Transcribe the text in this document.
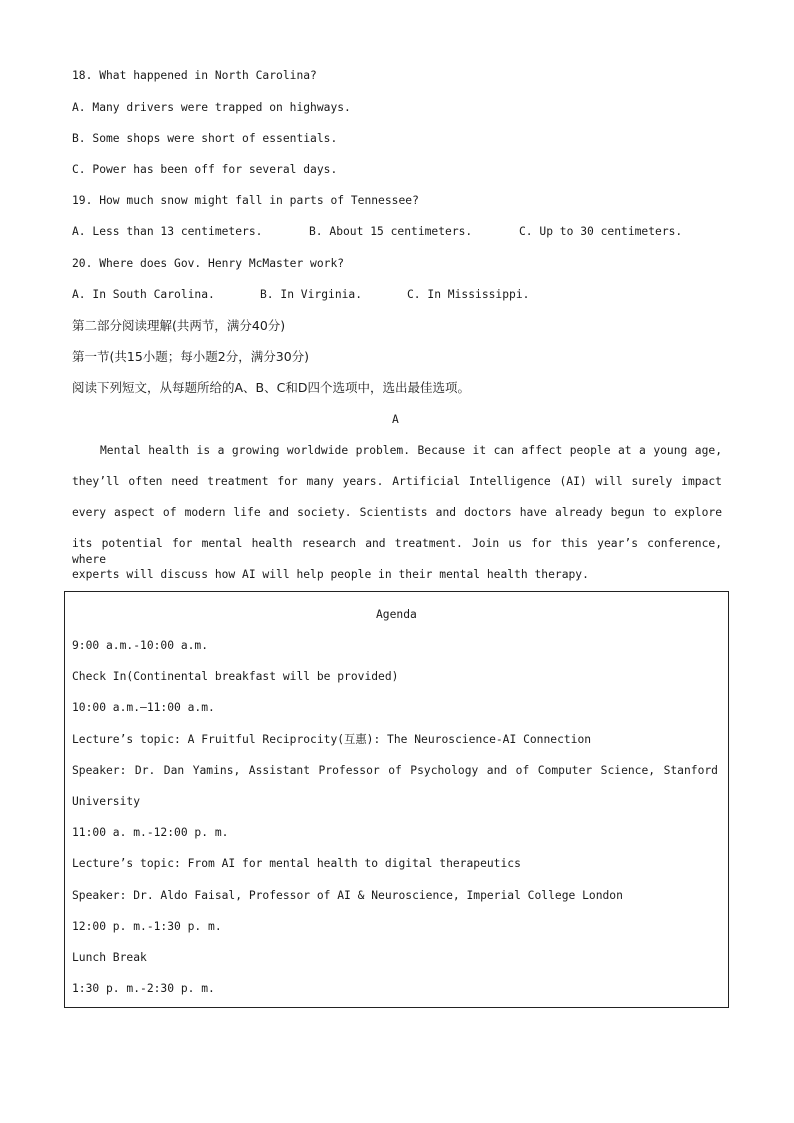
18. What happened in North Carolina?
A. Many drivers were trapped on highways.
B. Some shops were short of essentials.
C. Power has been off for several days.
19. How much snow might fall in parts of Tennessee?
A. Less than 13 centimeters.	B. About 15 centimeters.	C. Up to 30 centimeters.
20. Where does Gov. Henry McMaster work?
A. In South Carolina.	B. In Virginia.	C. In Mississippi.
第二部分阅读理解(共两节，满分40分)
第一节(共15小题；每小题2分，满分30分)
阅读下列短文，从每题所给的A、B、C和D四个选项中，选出最佳选项。
A
Mental health is a growing worldwide problem. Because it can affect people at a young age,
they’ll often need treatment for many years. Artificial Intelligence (AI) will surely impact
every aspect of modern life and society. Scientists and doctors have already begun to explore
its potential for mental health research and treatment. Join us for this year’s conference, where
experts will discuss how AI will help people in their mental health therapy.
Agenda
9:00 a.m.-10:00 a.m.
Check In(Continental breakfast will be provided)
10:00 a.m.–11:00 a.m.
Lecture’s topic: A Fruitful Reciprocity(互惠): The Neuroscience-AI Connection
Speaker: Dr. Dan Yamins, Assistant Professor of Psychology and of Computer Science, Stanford
University
11:00 a. m.-12:00 p. m.
Lecture’s topic: From AI for mental health to digital therapeutics
Speaker: Dr. Aldo Faisal, Professor of AI & Neuroscience, Imperial College London
12:00 p. m.-1:30 p. m.
Lunch Break
1:30 p. m.-2:30 p. m.
